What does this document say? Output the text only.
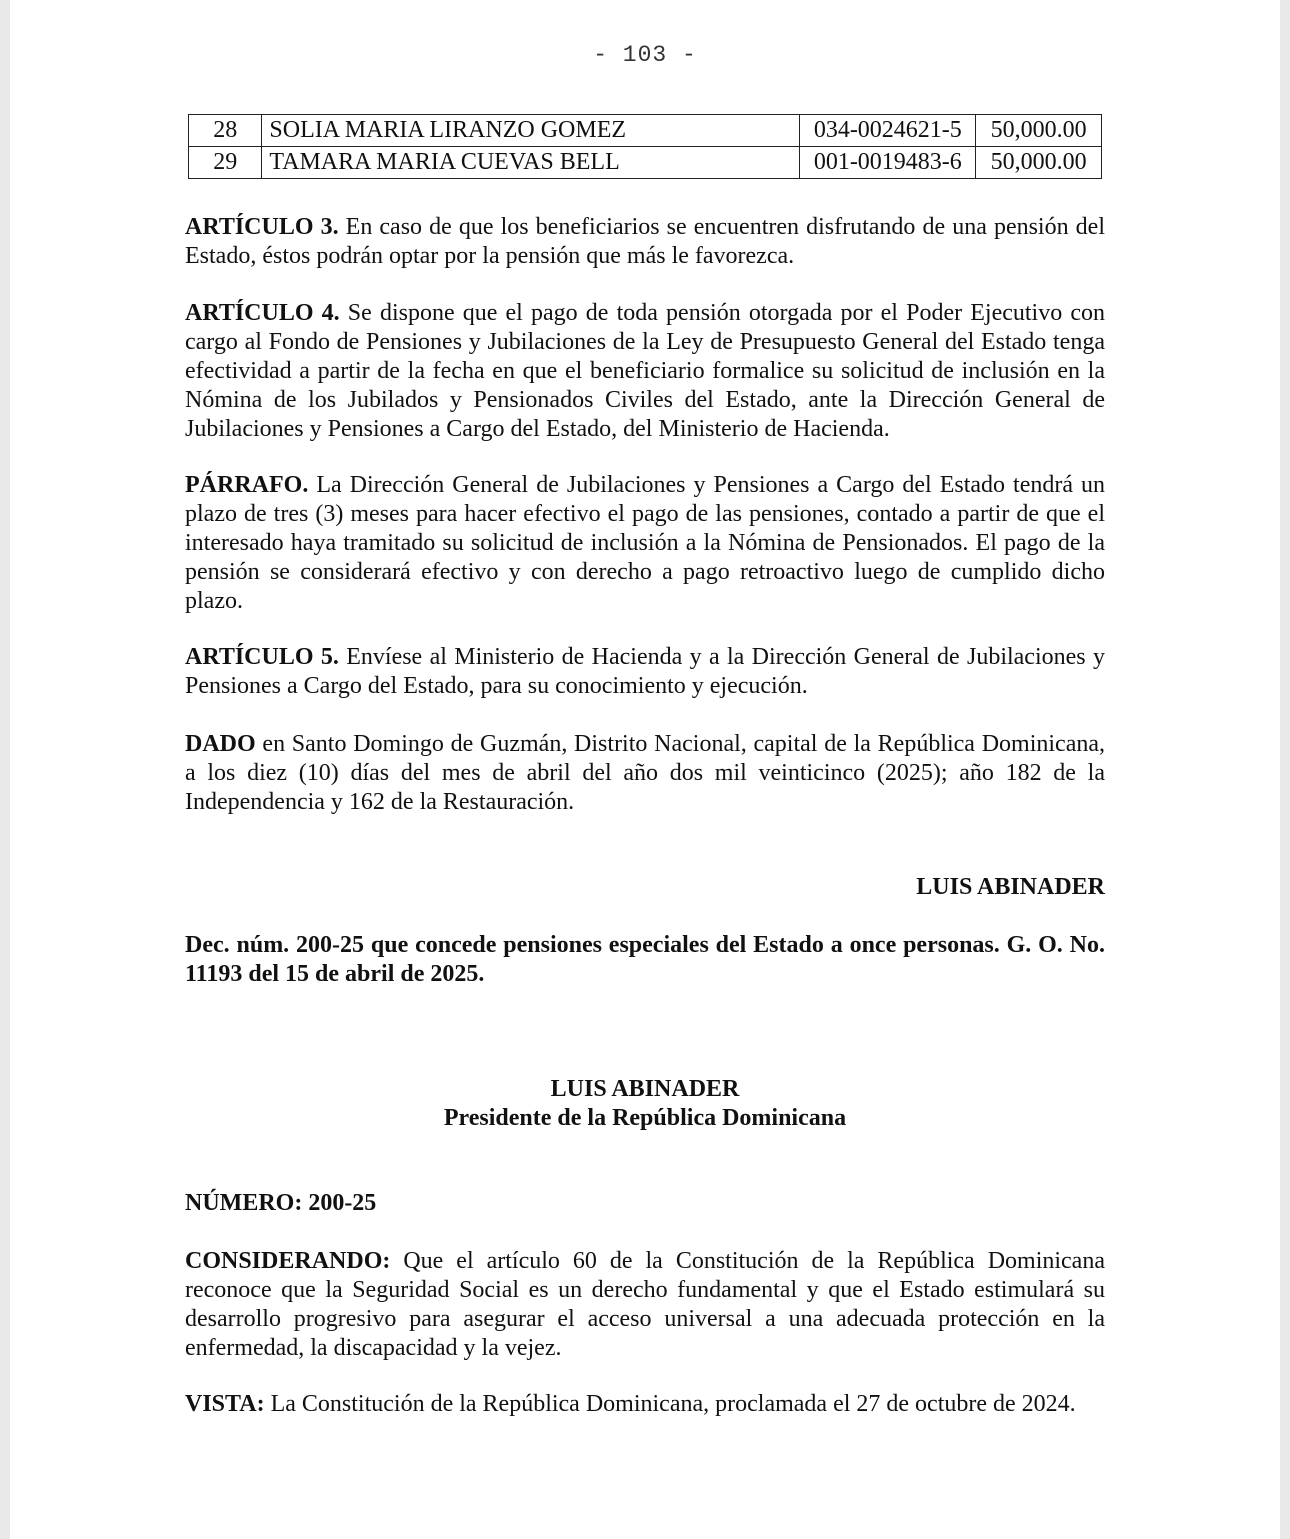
- 103 -
28	SOLIA MARIA LIRANZO GOMEZ	034-0024621-5	50,000.00
29	TAMARA MARIA CUEVAS BELL	001-0019483-6	50,000.00

ARTÍCULO 3. En caso de que los beneficiarios se encuentren disfrutando de una pensión del Estado, éstos podrán optar por la pensión que más le favorezca.

ARTÍCULO 4. Se dispone que el pago de toda pensión otorgada por el Poder Ejecutivo con cargo al Fondo de Pensiones y Jubilaciones de la Ley de Presupuesto General del Estado tenga efectividad a partir de la fecha en que el beneficiario formalice su solicitud de inclusión en la Nómina de los Jubilados y Pensionados Civiles del Estado, ante la Dirección General de Jubilaciones y Pensiones a Cargo del Estado, del Ministerio de Hacienda.

PÁRRAFO. La Dirección General de Jubilaciones y Pensiones a Cargo del Estado tendrá un plazo de tres (3) meses para hacer efectivo el pago de las pensiones, contado a partir de que el interesado haya tramitado su solicitud de inclusión a la Nómina de Pensionados. El pago de la pensión se considerará efectivo y con derecho a pago retroactivo luego de cumplido dicho plazo.

ARTÍCULO 5. Envíese al Ministerio de Hacienda y a la Dirección General de Jubilaciones y Pensiones a Cargo del Estado, para su conocimiento y ejecución.

DADO en Santo Domingo de Guzmán, Distrito Nacional, capital de la República Dominicana, a los diez (10) días del mes de abril del año dos mil veinticinco (2025); año 182 de la Independencia y 162 de la Restauración.

LUIS ABINADER

Dec. núm. 200-25 que concede pensiones especiales del Estado a once personas. G. O. No. 11193 del 15 de abril de 2025.

LUIS ABINADER
Presidente de la República Dominicana

NÚMERO: 200-25

CONSIDERANDO: Que el artículo 60 de la Constitución de la República Dominicana reconoce que la Seguridad Social es un derecho fundamental y que el Estado estimulará su desarrollo progresivo para asegurar el acceso universal a una adecuada protección en la enfermedad, la discapacidad y la vejez.

VISTA: La Constitución de la República Dominicana, proclamada el 27 de octubre de 2024.
